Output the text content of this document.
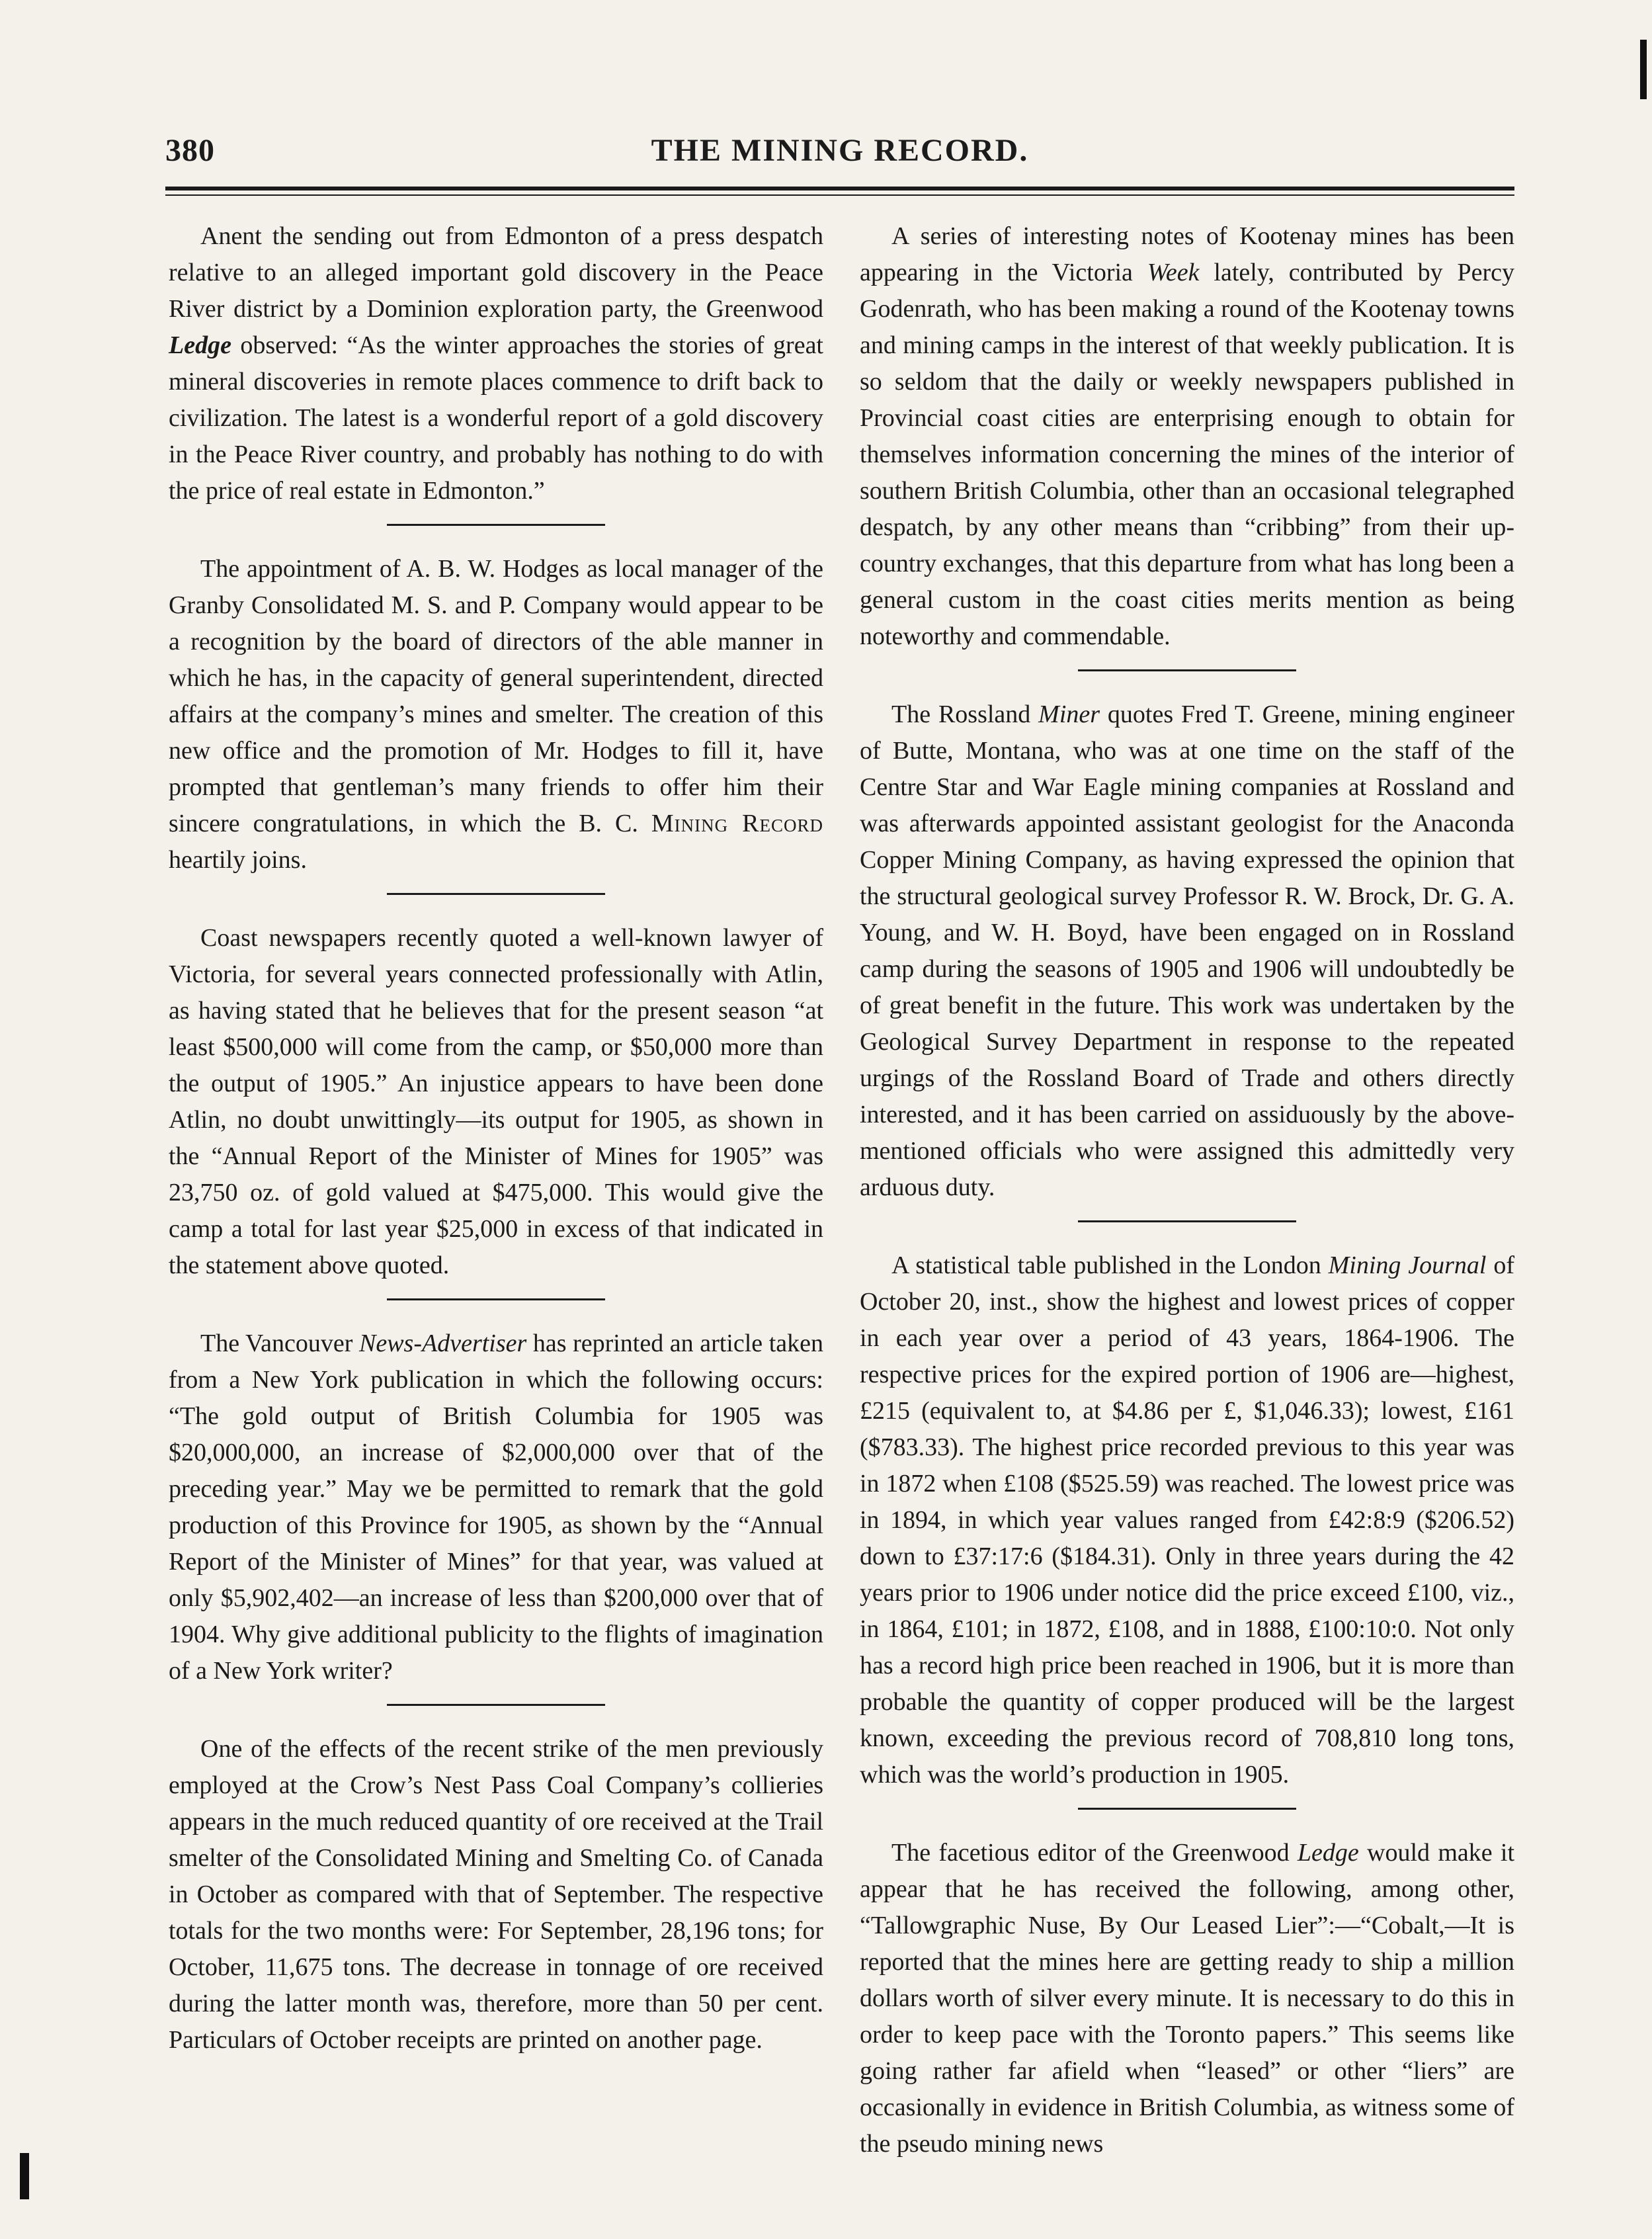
380	THE MINING RECORD.

Anent the sending out from Edmonton of a press despatch relative to an alleged important gold discovery in the Peace River district by a Dominion exploration party, the Greenwood Ledge observed: “As the winter approaches the stories of great mineral discoveries in remote places commence to drift back to civilization. The latest is a wonderful report of a gold discovery in the Peace River country, and probably has nothing to do with the price of real estate in Edmonton.”

The appointment of A. B. W. Hodges as local manager of the Granby Consolidated M. S. and P. Company would appear to be a recognition by the board of directors of the able manner in which he has, in the capacity of general superintendent, directed affairs at the company’s mines and smelter. The creation of this new office and the promotion of Mr. Hodges to fill it, have prompted that gentleman’s many friends to offer him their sincere congratulations, in which the B. C. Mining Record heartily joins.

Coast newspapers recently quoted a well-known lawyer of Victoria, for several years connected professionally with Atlin, as having stated that he believes that for the present season “at least $500,000 will come from the camp, or $50,000 more than the output of 1905.” An injustice appears to have been done Atlin, no doubt unwittingly—its output for 1905, as shown in the “Annual Report of the Minister of Mines for 1905” was 23,750 oz. of gold valued at $475,000. This would give the camp a total for last year $25,000 in excess of that indicated in the statement above quoted.

The Vancouver News-Advertiser has reprinted an article taken from a New York publication in which the following occurs: “The gold output of British Columbia for 1905 was $20,000,000, an increase of $2,000,000 over that of the preceding year.” May we be permitted to remark that the gold production of this Province for 1905, as shown by the “Annual Report of the Minister of Mines” for that year, was valued at only $5,902,402—an increase of less than $200,000 over that of 1904. Why give additional publicity to the flights of imagination of a New York writer?

One of the effects of the recent strike of the men previously employed at the Crow’s Nest Pass Coal Company’s collieries appears in the much reduced quantity of ore received at the Trail smelter of the Consolidated Mining and Smelting Co. of Canada in October as compared with that of September. The respective totals for the two months were: For September, 28,196 tons; for October, 11,675 tons. The decrease in tonnage of ore received during the latter month was, therefore, more than 50 per cent. Particulars of October receipts are printed on another page.

A series of interesting notes of Kootenay mines has been appearing in the Victoria Week lately, contributed by Percy Godenrath, who has been making a round of the Kootenay towns and mining camps in the interest of that weekly publication. It is so seldom that the daily or weekly newspapers published in Provincial coast cities are enterprising enough to obtain for themselves information concerning the mines of the interior of southern British Columbia, other than an occasional telegraphed despatch, by any other means than “cribbing” from their up-country exchanges, that this departure from what has long been a general custom in the coast cities merits mention as being noteworthy and commendable.

The Rossland Miner quotes Fred T. Greene, mining engineer of Butte, Montana, who was at one time on the staff of the Centre Star and War Eagle mining companies at Rossland and was afterwards appointed assistant geologist for the Anaconda Copper Mining Company, as having expressed the opinion that the structural geological survey Professor R. W. Brock, Dr. G. A. Young, and W. H. Boyd, have been engaged on in Rossland camp during the seasons of 1905 and 1906 will undoubtedly be of great benefit in the future. This work was undertaken by the Geological Survey Department in response to the repeated urgings of the Rossland Board of Trade and others directly interested, and it has been carried on assiduously by the above-mentioned officials who were assigned this admittedly very arduous duty.

A statistical table published in the London Mining Journal of October 20, inst., show the highest and lowest prices of copper in each year over a period of 43 years, 1864-1906. The respective prices for the expired portion of 1906 are—highest, £215 (equivalent to, at $4.86 per £, $1,046.33); lowest, £161 ($783.33). The highest price recorded previous to this year was in 1872 when £108 ($525.59) was reached. The lowest price was in 1894, in which year values ranged from £42:8:9 ($206.52) down to £37:17:6 ($184.31). Only in three years during the 42 years prior to 1906 under notice did the price exceed £100, viz., in 1864, £101; in 1872, £108, and in 1888, £100:10:0. Not only has a record high price been reached in 1906, but it is more than probable the quantity of copper produced will be the largest known, exceeding the previous record of 708,810 long tons, which was the world’s production in 1905.

The facetious editor of the Greenwood Ledge would make it appear that he has received the following, among other, “Tallowgraphic Nuse, By Our Leased Lier”:—“Cobalt,—It is reported that the mines here are getting ready to ship a million dollars worth of silver every minute. It is necessary to do this in order to keep pace with the Toronto papers.” This seems like going rather far afield when “leased” or other “liers” are occasionally in evidence in British Columbia, as witness some of the pseudo mining news
